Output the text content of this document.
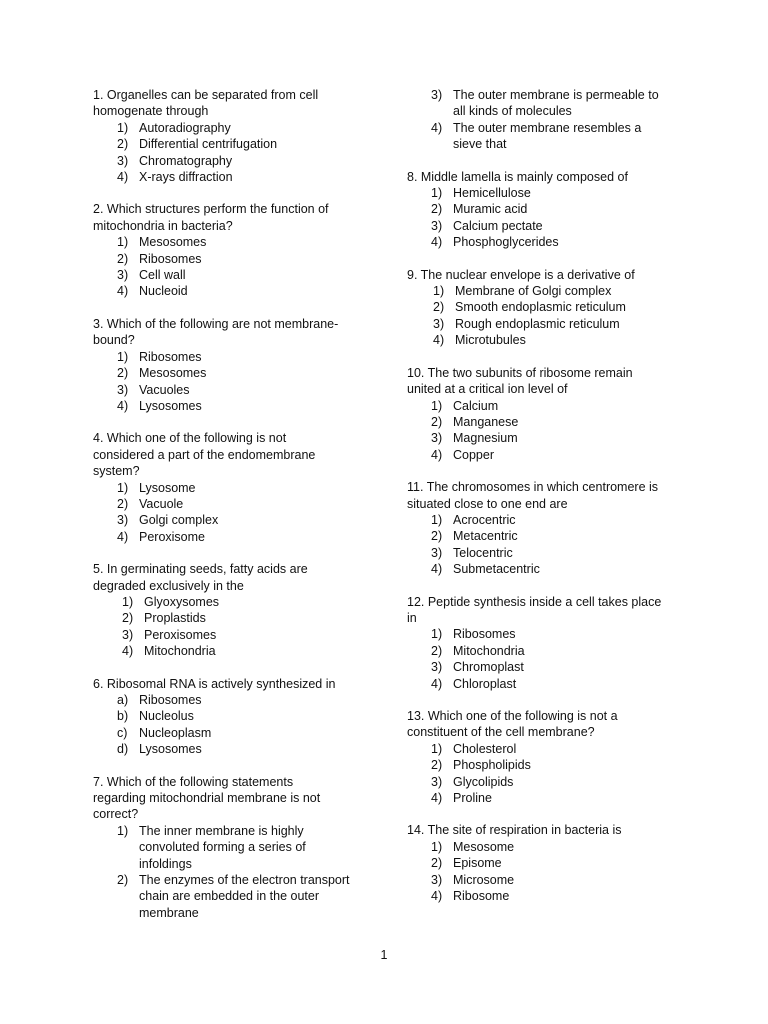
1. Organelles can be separated from cell
homogenate through
1) Autoradiography
2) Differential centrifugation
3) Chromatography
4) X-rays diffraction
2. Which structures perform the function of
mitochondria in bacteria?
1) Mesosomes
2) Ribosomes
3) Cell wall
4) Nucleoid
3. Which of the following are not membrane-
bound?
1) Ribosomes
2) Mesosomes
3) Vacuoles
4) Lysosomes
4. Which one of the following is not
considered a part of the endomembrane
system?
1) Lysosome
2) Vacuole
3) Golgi complex
4) Peroxisome
5. In germinating seeds, fatty acids are
degraded exclusively in the
1) Glyoxysomes
2) Proplastids
3) Peroxisomes
4) Mitochondria
6. Ribosomal RNA is actively synthesized in
a) Ribosomes
b) Nucleolus
c) Nucleoplasm
d) Lysosomes
7. Which of the following statements
regarding mitochondrial membrane is not
correct?
1) The inner membrane is highly
convoluted forming a series of
infoldings
2) The enzymes of the electron transport
chain are embedded in the outer
membrane
3) The outer membrane is permeable to
all kinds of molecules
4) The outer membrane resembles a
sieve that
8. Middle lamella is mainly composed of
1) Hemicellulose
2) Muramic acid
3) Calcium pectate
4) Phosphoglycerides
9. The nuclear envelope is a derivative of
1) Membrane of Golgi complex
2) Smooth endoplasmic reticulum
3) Rough endoplasmic reticulum
4) Microtubules
10. The two subunits of ribosome remain
united at a critical ion level of
1) Calcium
2) Manganese
3) Magnesium
4) Copper
11. The chromosomes in which centromere is
situated close to one end are
1) Acrocentric
2) Metacentric
3) Telocentric
4) Submetacentric
12. Peptide synthesis inside a cell takes place
in
1) Ribosomes
2) Mitochondria
3) Chromoplast
4) Chloroplast
13. Which one of the following is not a
constituent of the cell membrane?
1) Cholesterol
2) Phospholipids
3) Glycolipids
4) Proline
14. The site of respiration in bacteria is
1) Mesosome
2) Episome
3) Microsome
4) Ribosome
1
